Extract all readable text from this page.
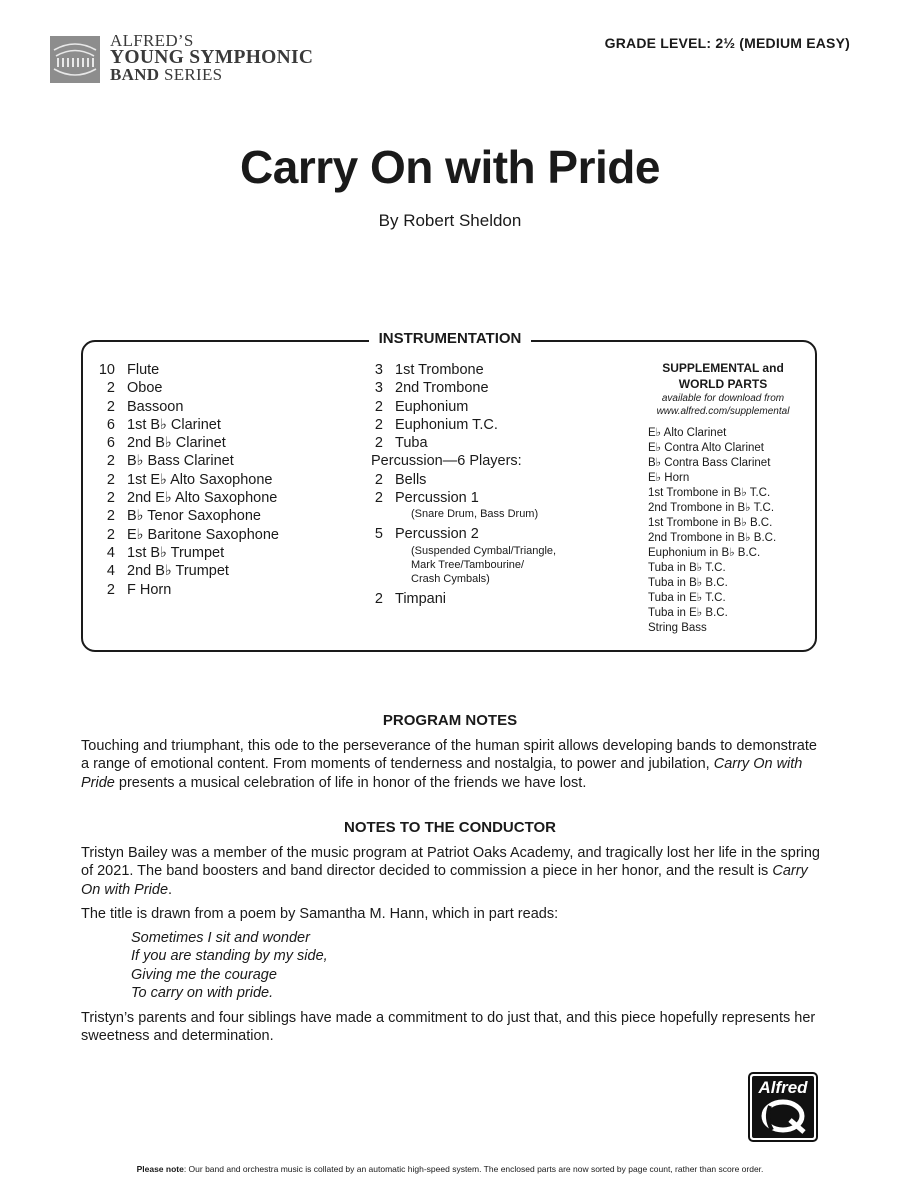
ALFRED’S
YOUNG SYMPHONIC
BAND SERIES
GRADE LEVEL: 2½ (MEDIUM EASY)
Carry On with Pride
By Robert Sheldon
INSTRUMENTATION
10 Flute
2 Oboe
2 Bassoon
6 1st B♭ Clarinet
6 2nd B♭ Clarinet
2 B♭ Bass Clarinet
2 1st E♭ Alto Saxophone
2 2nd E♭ Alto Saxophone
2 B♭ Tenor Saxophone
2 E♭ Baritone Saxophone
4 1st B♭ Trumpet
4 2nd B♭ Trumpet
2 F Horn
3 1st Trombone
3 2nd Trombone
2 Euphonium
2 Euphonium T.C.
2 Tuba
Percussion—6 Players:
2 Bells
2 Percussion 1
(Snare Drum, Bass Drum)
5 Percussion 2
(Suspended Cymbal/Triangle,
Mark Tree/Tambourine/
Crash Cymbals)
2 Timpani
SUPPLEMENTAL and
WORLD PARTS
available for download from
www.alfred.com/supplemental
E♭ Alto Clarinet
E♭ Contra Alto Clarinet
B♭ Contra Bass Clarinet
E♭ Horn
1st Trombone in B♭ T.C.
2nd Trombone in B♭ T.C.
1st Trombone in B♭ B.C.
2nd Trombone in B♭ B.C.
Euphonium in B♭ B.C.
Tuba in B♭ T.C.
Tuba in B♭ B.C.
Tuba in E♭ T.C.
Tuba in E♭ B.C.
String Bass
PROGRAM NOTES
Touching and triumphant, this ode to the perseverance of the human spirit allows developing bands to demonstrate a range of emotional content. From moments of tenderness and nostalgia, to power and jubilation, Carry On with Pride presents a musical celebration of life in honor of the friends we have lost.
NOTES TO THE CONDUCTOR
Tristyn Bailey was a member of the music program at Patriot Oaks Academy, and tragically lost her life in the spring of 2021. The band boosters and band director decided to commission a piece in her honor, and the result is Carry On with Pride.
The title is drawn from a poem by Samantha M. Hann, which in part reads:
Sometimes I sit and wonder
If you are standing by my side,
Giving me the courage
To carry on with pride.
Tristyn’s parents and four siblings have made a commitment to do just that, and this piece hopefully represents her sweetness and determination.
Alfred
Please note: Our band and orchestra music is collated by an automatic high-speed system. The enclosed parts are now sorted by page count, rather than score order.
